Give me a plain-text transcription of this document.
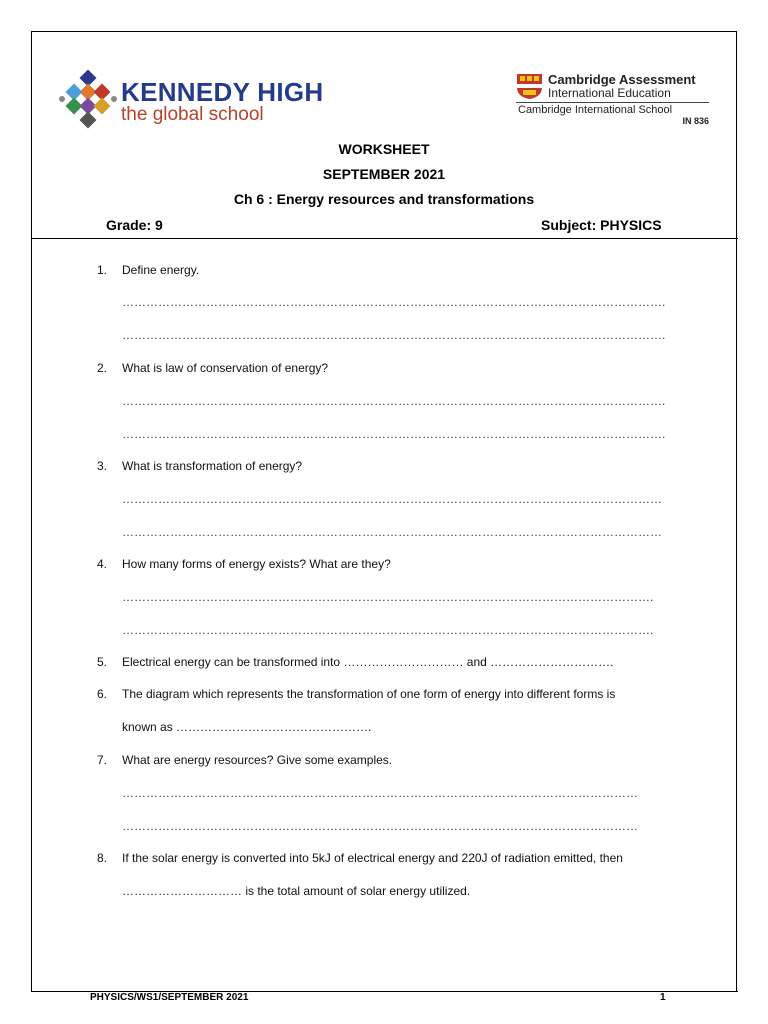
KENNEDY HIGH
the global school
Cambridge Assessment
International Education
Cambridge International School
IN 836
WORKSHEET
SEPTEMBER 2021
Ch 6 : Energy resources and transformations
Grade: 9	Subject: PHYSICS
1.	Define energy.
……………………………………………………………………………………………………………………….
……………………………………………………………………………………………………………………….
2.	What is law of conservation of energy?
……………………………………………………………………………………………………………………….
……………………………………………………………………………………………………………………….
3.	What is transformation of energy?
………………………………………………………………………………………………………………………
………………………………………………………………………………………………………………………
4.	How many forms of energy exists? What are they?
…………………………………………………………………………………………………………………….
…………………………………………………………………………………………………………………….
5.	Electrical energy can be transformed into ………………………… and ………………………….
6.	The diagram which represents the transformation of one form of energy into different forms is
known as ………………………………………….
7.	What are energy resources? Give some examples.
…………………………………………………………………………………………………………………
…………………………………………………………………………………………………………………
8.	If the solar energy is converted into 5kJ of electrical energy and 220J of radiation emitted, then
………………………… is the total amount of solar energy utilized.
PHYSICS/WS1/SEPTEMBER 2021	1
